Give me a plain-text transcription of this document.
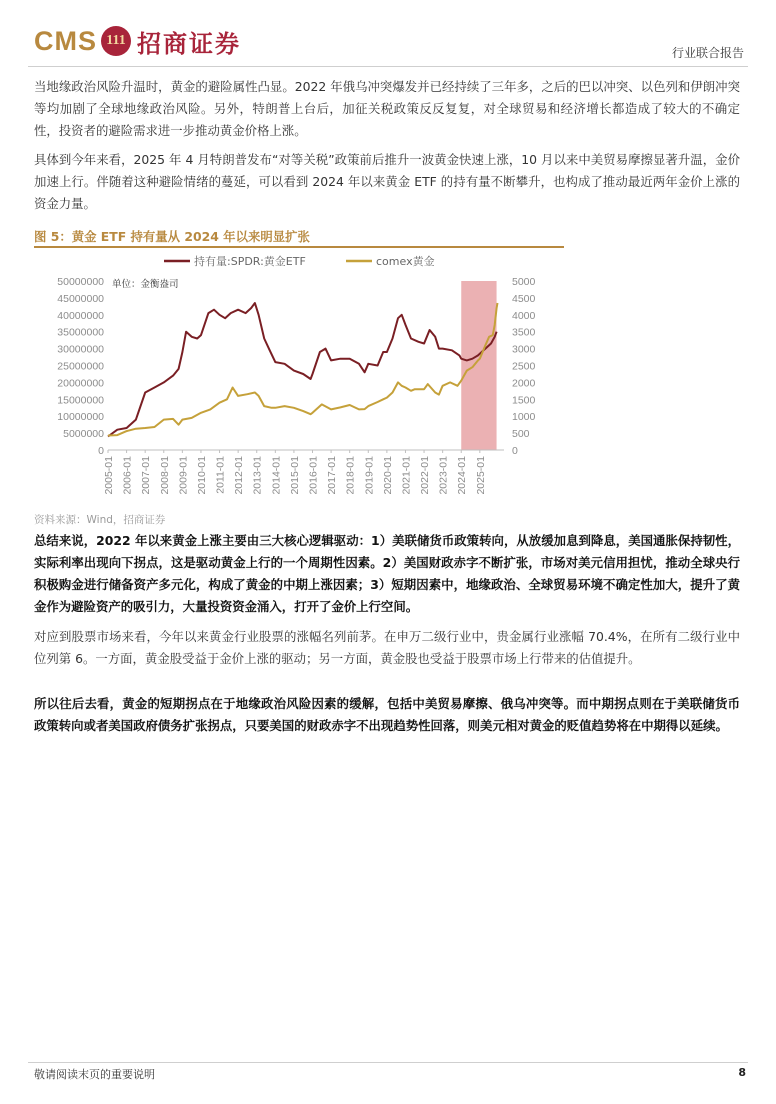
CMS 111 招商证券	行业联合报告

当地缘政治风险升温时，黄金的避险属性凸显。2022 年俄乌冲突爆发并已经持续了三年多，之后的巴以冲突、以色列和伊朗冲突等均加剧了全球地缘政治风险。另外，特朗普上台后，加征关税政策反反复复，对全球贸易和经济增长都造成了较大的不确定性，投资者的避险需求进一步推动黄金价格上涨。

具体到今年来看，2025 年 4 月特朗普发布“对等关税”政策前后推升一波黄金快速上涨，10 月以来中美贸易摩擦显著升温，金价加速上行。伴随着这种避险情绪的蔓延，可以看到 2024 年以来黄金 ETF 的持有量不断攀升，也构成了推动最近两年金价上涨的资金力量。

图 5：黄金 ETF 持有量从 2024 年以来明显扩张
0
5000000
10000000
15000000
20000000
25000000
30000000
35000000
40000000
45000000
50000000
0
500
1000
1500
2000
2500
3000
3500
4000
4500
5000
2005-01 2006-01 2007-01 2008-01 2009-01 2010-01 2011-01 2012-01 2013-01 2014-01 2015-01 2016-01 2017-01 2018-01 2019-01 2020-01 2021-01 2022-01 2023-01 2024-01 2025-01
单位：金衡盎司
持有量:SPDR:黄金ETF	comex黄金
资料来源：Wind，招商证券

总结来说，2022 年以来黄金上涨主要由三大核心逻辑驱动：1）美联储货币政策转向，从放缓加息到降息，美国通胀保持韧性，实际利率出现向下拐点，这是驱动黄金上行的一个周期性因素。2）美国财政赤字不断扩张，市场对美元信用担忧，推动全球央行积极购金进行储备资产多元化，构成了黄金的中期上涨因素；3）短期因素中，地缘政治、全球贸易环境不确定性加大，提升了黄金作为避险资产的吸引力，大量投资资金涌入，打开了金价上行空间。

对应到股票市场来看，今年以来黄金行业股票的涨幅名列前茅。在申万二级行业中，贵金属行业涨幅 70.4%，在所有二级行业中位列第 6。一方面，黄金股受益于金价上涨的驱动；另一方面，黄金股也受益于股票市场上行带来的估值提升。

所以往后去看，黄金的短期拐点在于地缘政治风险因素的缓解，包括中美贸易摩擦、俄乌冲突等。而中期拐点则在于美联储货币政策转向或者美国政府债务扩张拐点，只要美国的财政赤字不出现趋势性回落，则美元相对黄金的贬值趋势将在中期得以延续。

敬请阅读末页的重要说明	8
